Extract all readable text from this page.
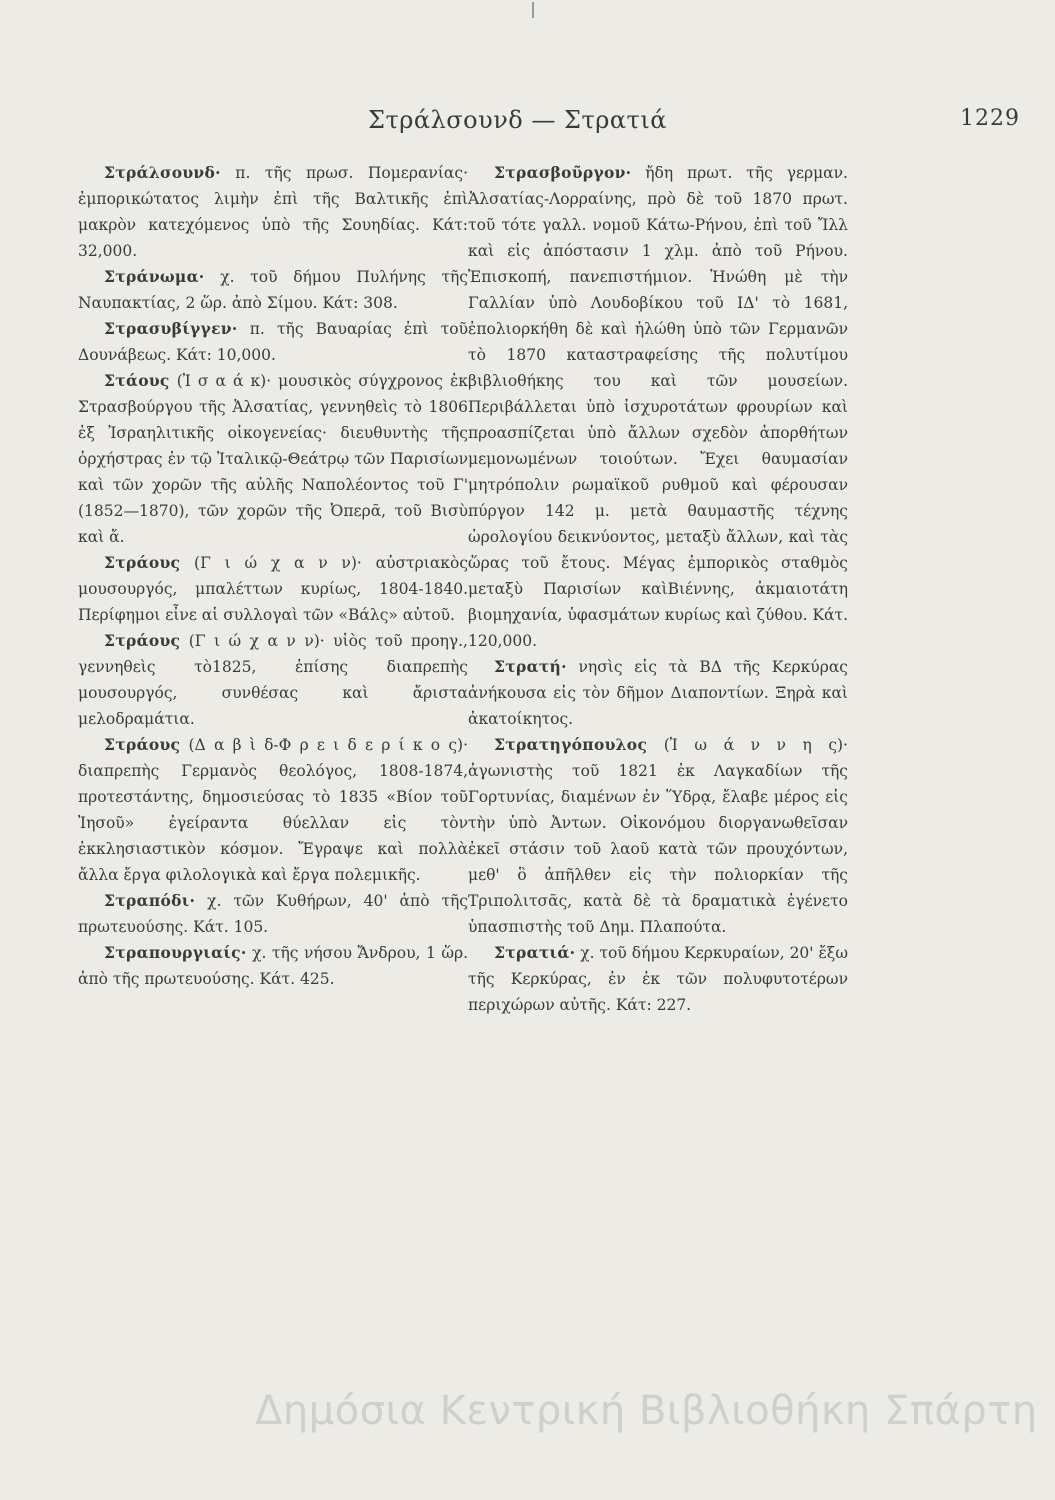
Στράλσουνδ — Στρατιά	1229

Στράλσουνδ· π. τῆς πρωσ. Πομερανίας· ἐμπορικώτατος λιμὴν ἐπὶ τῆς Βαλτικῆς ἐπὶ μακρὸν κατεχόμενος ὑπὸ τῆς Σουηδίας. Κάτ: 32,000.

Στράνωμα· χ. τοῦ δήμου Πυλήνης τῆς Ναυπακτίας, 2 ὥρ. ἀπὸ Σίμου. Κάτ: 308.

Στρασυβίγγεν· π. τῆς Βαυαρίας ἐπὶ τοῦ Δουνάβεως. Κάτ: 10,000.

Στάους (Ἰ σ α ά κ)· μουσικὸς σύγχρονος ἐκ Στρασβούργου τῆς Ἀλσατίας, γεννηθεὶς τὸ 1806 ἐξ Ἰσραηλιτικῆς οἰκογενείας· διευθυντὴς τῆς ὀρχήστρας ἐν τῷ Ἰταλικῷ-Θεάτρῳ τῶν Παρισίων καὶ τῶν χορῶν τῆς αὐλῆς Ναπολέοντος τοῦ Γ' (1852—1870), τῶν χορῶν τῆς Ὀπερᾶ, τοῦ Βισὺ καὶ ἄ.

Στράους (Γ ι ώ χ α ν ν)· αὐστριακὸς μουσουργός, μπαλέττων κυρίως, 1804-1840. Περίφημοι εἶνε αἱ συλλογαὶ τῶν «Βάλς» αὐτοῦ.

Στράους (Γ ι ώ χ α ν ν)· υἱὸς τοῦ προηγ., γεννηθεὶς τὸ1825, ἐπίσης διαπρεπὴς μουσουργός, συνθέσας καὶ ἄριστα μελοδραμάτια.

Στράους (Δ α β ὶ δ-Φ ρ ε ι δ ε ρ ί κ ο ς)· διαπρεπὴς Γερμανὸς θεολόγος, 1808-1874, προτεστάντης, δημοσιεύσας τὸ 1835 «Βίον τοῦ Ἰησοῦ» ἐγείραντα θύελλαν εἰς τὸν ἐκκλησιαστικὸν κόσμον. Ἔγραψε καὶ πολλὰ ἄλλα ἔργα φιλολογικὰ καὶ ἔργα πολεμικῆς.

Στραπόδι· χ. τῶν Κυθήρων, 40' ἀπὸ τῆς πρωτευούσης. Κάτ. 105.

Στραπουργιαίς· χ. τῆς νήσου Ἄνδρου, 1 ὥρ. ἀπὸ τῆς πρωτευούσης. Κάτ. 425.

Στρασβοῦργον· ἤδη πρωτ. τῆς γερμαν. Ἀλσατίας-Λορραίνης, πρὸ δὲ τοῦ 1870 πρωτ. τοῦ τότε γαλλ. νομοῦ Κάτω-Ρήνου, ἐπὶ τοῦ Ἴλλ καὶ εἰς ἀπόστασιν 1 χλμ. ἀπὸ τοῦ Ρήνου. Ἐπισκοπή, πανεπιστήμιον. Ἡνώθη μὲ τὴν Γαλλίαν ὑπὸ Λουδοβίκου τοῦ ΙΔ' τὸ 1681, ἐπολιορκήθη δὲ καὶ ἡλώθη ὑπὸ τῶν Γερμανῶν τὸ 1870 καταστραφείσης τῆς πολυτίμου βιβλιοθήκης του καὶ τῶν μουσείων. Περιβάλλεται ὑπὸ ἰσχυροτάτων φρουρίων καὶ προασπίζεται ὑπὸ ἄλλων σχεδὸν ἀπορθήτων μεμονωμένων τοιούτων. Ἔχει θαυμασίαν μητρόπολιν ρωμαϊκοῦ ρυθμοῦ καὶ φέρουσαν πύργον 142 μ. μετὰ θαυμαστῆς τέχνης ὡρολογίου δεικνύοντος, μεταξὺ ἄλλων, καὶ τὰς ὥρας τοῦ ἔτους. Μέγας ἐμπορικὸς σταθμὸς μεταξὺ Παρισίων καὶΒιέννης, ἀκμαιοτάτη βιομηχανία, ὑφασμάτων κυρίως καὶ ζύθου. Κάτ. 120,000.

Στρατή· νησὶς εἰς τὰ ΒΔ τῆς Κερκύρας ἀνήκουσα εἰς τὸν δῆμον Διαποντίων. Ξηρὰ καὶ ἀκατοίκητος.

Στρατηγόπουλος (Ἰ ω ά ν ν η ς)· ἀγωνιστὴς τοῦ 1821 ἐκ Λαγκαδίων τῆς Γορτυνίας, διαμένων ἐν Ὕδρᾳ, ἔλαβε μέρος εἰς τὴν ὑπὸ Ἀντων. Οἰκονόμου διοργανωθεῖσαν ἐκεῖ στάσιν τοῦ λαοῦ κατὰ τῶν προυχόντων, μεθ' ὃ ἀπῆλθεν εἰς τὴν πολιορκίαν τῆς Τριπολιτσᾶς, κατὰ δὲ τὰ δραματικὰ ἐγένετο ὑπασπιστὴς τοῦ Δημ. Πλαπούτα.

Στρατιά· χ. τοῦ δήμου Κερκυραίων, 20' ἔξω τῆς Κερκύρας, ἐν ἐκ τῶν πολυφυτοτέρων περιχώρων αὐτῆς. Κάτ: 227.

Δημόσια Κεντρική Βιβλιοθήκη Σπάρτη
